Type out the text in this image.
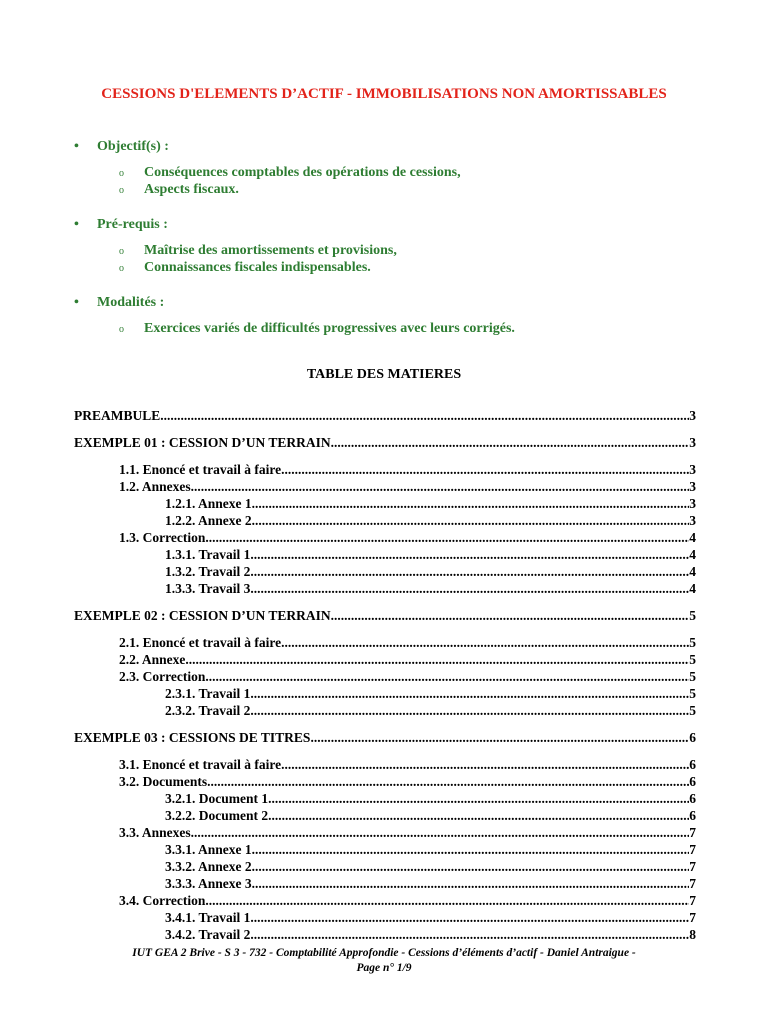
CESSIONS D'ELEMENTS D’ACTIF - IMMOBILISATIONS NON AMORTISSABLES
• Objectif(s) :
o Conséquences comptables des opérations de cessions,
o Aspects fiscaux.
• Pré-requis :
o Maîtrise des amortissements et provisions,
o Connaissances fiscales indispensables.
• Modalités :
o Exercices variés de difficultés progressives avec leurs corrigés.
TABLE DES MATIERES
PREAMBULE. .....	3
EXEMPLE 01 : CESSION D’UN TERRAIN .....	3
1.1. Enoncé et travail à faire .....	3
1.2. Annexes. .....	3
1.2.1. Annexe 1. .....	3
1.2.2. Annexe 2. .....	3
1.3. Correction. .....	4
1.3.1. Travail 1. .....	4
1.3.2. Travail 2. .....	4
1.3.3. Travail 3. .....	4
EXEMPLE 02 : CESSION D’UN TERRAIN .....	5
2.1. Enoncé et travail à faire .....	5
2.2. Annexe .....	5
2.3. Correction. .....	5
2.3.1. Travail 1. .....	5
2.3.2. Travail 2. .....	5
EXEMPLE 03 : CESSIONS DE TITRES. .....	6
3.1. Enoncé et travail à faire .....	6
3.2. Documents .....	6
3.2.1. Document 1. .....	6
3.2.2. Document 2. .....	6
3.3. Annexes. .....	7
3.3.1. Annexe 1 .....	7
3.3.2. Annexe 2 .....	7
3.3.3. Annexe 3 .....	7
3.4. Correction. .....	7
3.4.1. Travail 1. .....	7
3.4.2. Travail 2. .....	8
IUT GEA 2 Brive - S 3 - 732 - Comptabilité Approfondie - Cessions d’éléments d’actif - Daniel Antraigue -
Page n° 1/9
